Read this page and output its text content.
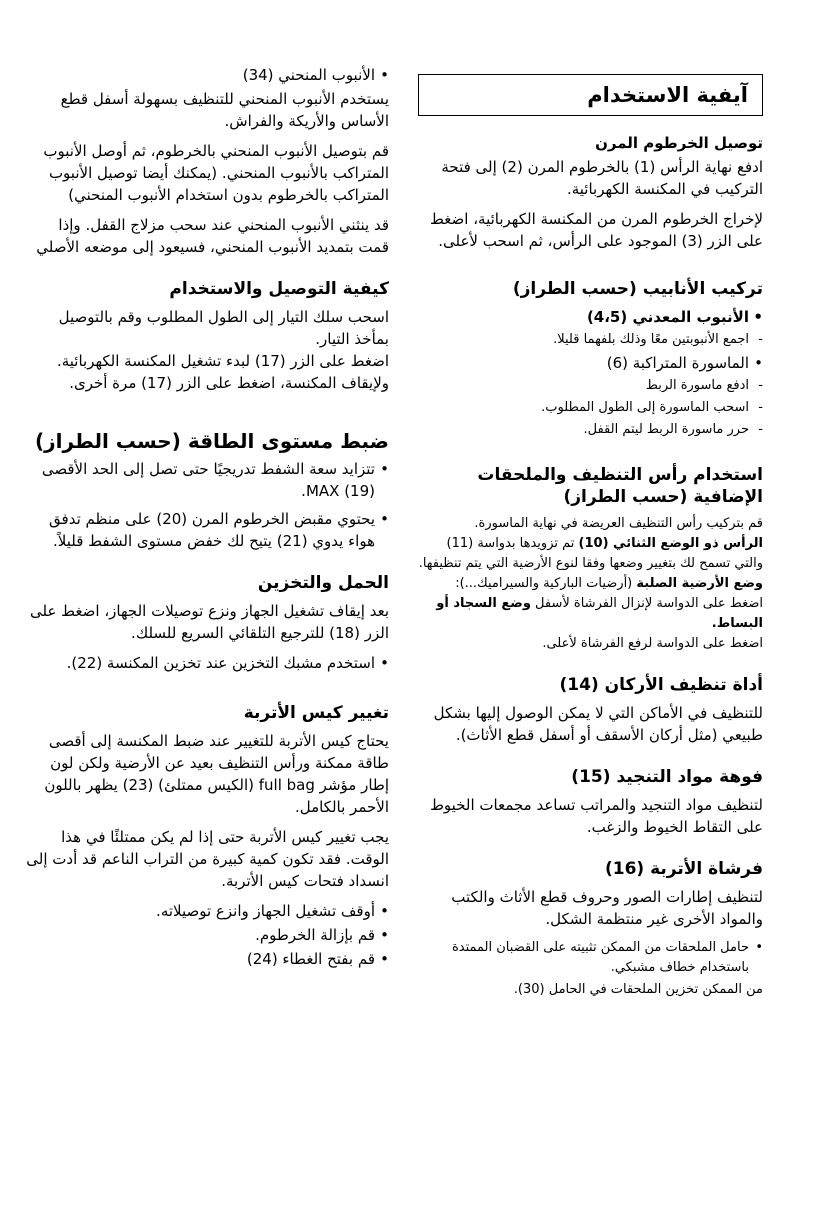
آيفية الاستخدام
توصيل الخرطوم المرن

ادفع نهاية الرأس (1) بالخرطوم المرن (2) إلى فتحة التركيب في المكنسة الكهربائية.

لإخراج الخرطوم المرن من المكنسة الكهربائية، اضغط على الزر (3) الموجود على الرأس، ثم اسحب لأعلى.

تركيب الأنابيب (حسب الطراز)
• الأنبوب المعدني (4،5)
- اجمع الأنبوبتين معًا وذلك بلفهما قليلا.
• الماسورة المتراكبة (6)
- ادفع ماسورة الربط
- اسحب الماسورة إلى الطول المطلوب.
- حرر ماسورة الربط ليتم القفل.
استخدام رأس التنظيف والملحقات الإضافية (حسب الطراز)
قم بتركيب رأس التنظيف العريضة في نهاية الماسورة.
الرأس ذو الوضع الثنائي (10) تم تزويدها بدواسة (11) والتي تسمح لك بتغيير وضعها وفقا لنوع الأرضية التي يتم تنظيفها.
وضع الأرضية الصلبة (أرضيات الباركية والسيراميك...):
اضغط على الدواسة لإنزال الفرشاة لأسفل وضع السجاد أو البساط.
اضغط على الدواسة لرفع الفرشاة لأعلى.
أداة تنظيف الأركان (14)

للتنظيف في الأماكن التي لا يمكن الوصول إليها بشكل طبيعي (مثل أركان الأسقف أو أسفل قطع الأثاث).

فوهة مواد التنجيد (15)

لتنظيف مواد التنجيد والمراتب تساعد مجمعات الخيوط على التقاط الخيوط والزغب.

فرشاة الأتربة (16)

لتنظيف إطارات الصور وحروف قطع الأثاث والكتب والمواد الأخرى غير منتظمة الشكل.

• حامل الملحقات من الممكن تثبيته على القضبان الممتدة باستخدام خطاف مشبكي.
من الممكن تخزين الملحقات في الحامل (30).
• الأنبوب المنحني (34)

يستخدم الأنبوب المنحني للتنظيف بسهولة أسفل قطع الأساس والأريكة والفراش.

قم بتوصيل الأنبوب المنحني بالخرطوم، ثم أوصل الأنبوب المتراكب بالأنبوب المنحني. (يمكنك أيضا توصيل الأنبوب المتراكب بالخرطوم بدون استخدام الأنبوب المنحني)

قد ينثني الأنبوب المنحني عند سحب مزلاج القفل. وإذا قمت بتمديد الأنبوب المنحني، فسيعود إلى موضعه الأصلي

كيفية التوصيل والاستخدام
اسحب سلك التيار إلى الطول المطلوب وقم بالتوصيل بمأخذ التيار.
اضغط على الزر (17) لبدء تشغيل المكنسة الكهربائية.
ولإيقاف المكنسة، اضغط على الزر (17) مرة أخرى.
ضبط مستوى الطاقة (حسب الطراز)
• تتزايد سعة الشفط تدريجيًا حتى تصل إلى الحد الأقصى MAX (19).
• يحتوي مقبض الخرطوم المرن (20) على منظم تدفق هواء يدوي (21) يتيح لك خفض مستوى الشفط قليلاً.
الحمل والتخزين

بعد إيقاف تشغيل الجهاز ونزع توصيلات الجهاز، اضغط على الزر (18) للترجيع التلقائي السريع للسلك.

• استخدم مشبك التخزين عند تخزين المكنسة (22).
تغيير كيس الأتربة

يحتاج كيس الأتربة للتغيير عند ضبط المكنسة إلى أقصى طاقة ممكنة ورأس التنظيف بعيد عن الأرضية ولكن لون إطار مؤشر full bag (الكيس ممتلئ) (23) يظهر باللون الأحمر بالكامل.

يجب تغيير كيس الأتربة حتى إذا لم يكن ممتلئًا في هذا الوقت. فقد تكون كمية كبيرة من التراب الناعم قد أدت إلى انسداد فتحات كيس الأتربة.

• أوقف تشغيل الجهاز وانزع توصيلاته.
• قم بإزالة الخرطوم.
• قم بفتح الغطاء (24)
